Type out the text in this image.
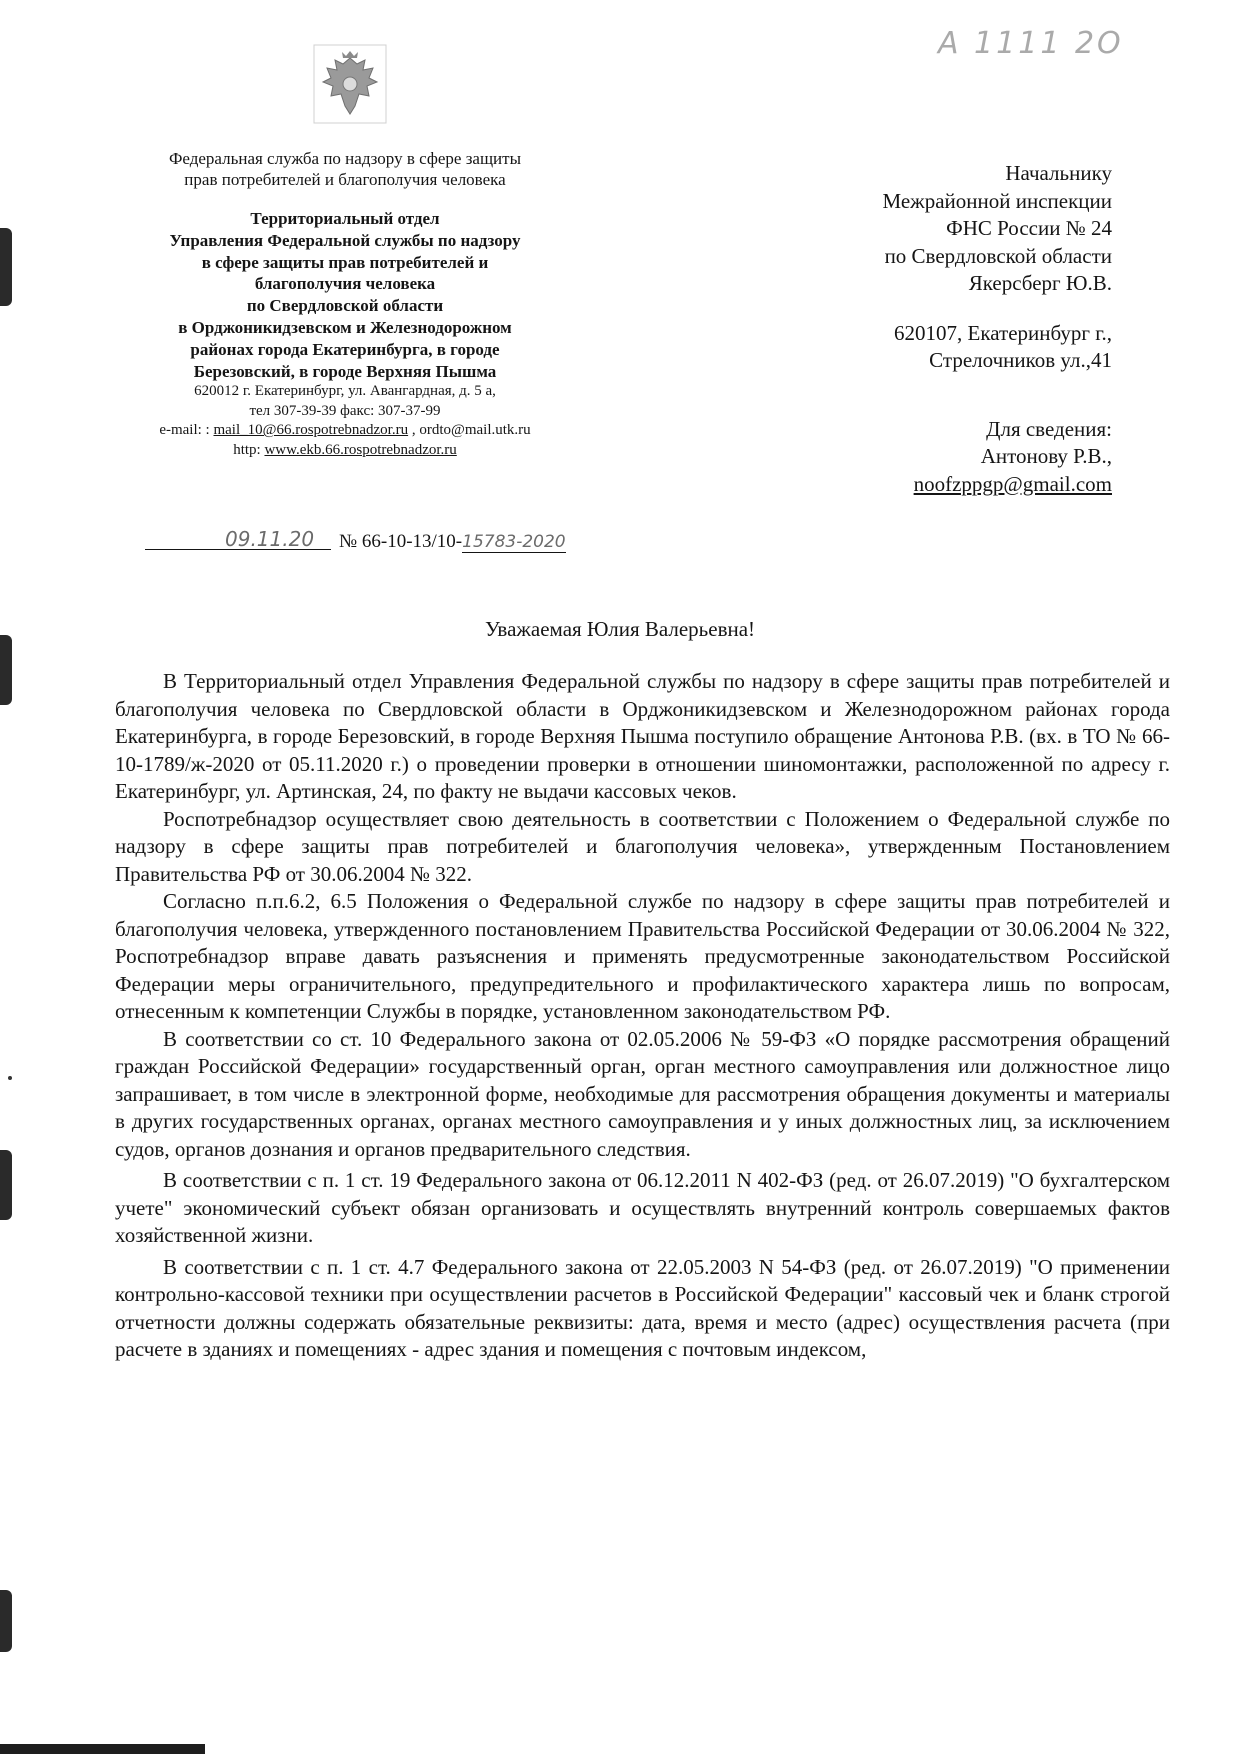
A 1111 2О
Федеральная служба по надзору в сфере защиты
прав потребителей и благополучия человека
Территориальный отдел
Управления Федеральной службы по надзору
в сфере защиты прав потребителей и
благополучия человека
по Свердловской области
в Орджоникидзевском и Железнодорожном
районах города Екатеринбурга, в городе
Березовский, в городе Верхняя Пышма
620012 г. Екатеринбург, ул. Авангардная, д. 5 а,
тел 307-39-39 факс: 307-37-99
e-mail: : mail_10@66.rospotrebnadzor.ru , ordto@mail.utk.ru
http: www.ekb.66.rospotrebnadzor.ru
09.11.20 № 66-10-13/10-15783-2020
Начальнику
Межрайонной инспекции
ФНС России № 24
по Свердловской области
Якерсберг Ю.В.
620107, Екатеринбург г.,
Стрелочников ул.,41
Для сведения:
Антонову Р.В.,
noofzppgp@gmail.com
Уважаемая Юлия Валерьевна!

В Территориальный отдел Управления Федеральной службы по надзору в сфере защиты прав потребителей и благополучия человека по Свердловской области в Орджоникидзевском и Железнодорожном районах города Екатеринбурга, в городе Березовский, в городе Верхняя Пышма поступило обращение Антонова Р.В. (вх. в ТО № 66-10-1789/ж-2020 от 05.11.2020 г.) о проведении проверки в отношении шиномонтажки, расположенной по адресу г. Екатеринбург, ул. Артинская, 24, по факту не выдачи кассовых чеков.

Роспотребнадзор осуществляет свою деятельность в соответствии с Положением о Федеральной службе по надзору в сфере защиты прав потребителей и благополучия человека», утвержденным Постановлением Правительства РФ от 30.06.2004 № 322.

Согласно п.п.6.2, 6.5 Положения о Федеральной службе по надзору в сфере защиты прав потребителей и благополучия человека, утвержденного постановлением Правительства Российской Федерации от 30.06.2004 № 322, Роспотребнадзор вправе давать разъяснения и применять предусмотренные законодательством Российской Федерации меры ограничительного, предупредительного и профилактического характера лишь по вопросам, отнесенным к компетенции Службы в порядке, установленном законодательством РФ.

В соответствии со ст. 10 Федерального закона от 02.05.2006 № 59-ФЗ «О порядке рассмотрения обращений граждан Российской Федерации» государственный орган, орган местного самоуправления или должностное лицо запрашивает, в том числе в электронной форме, необходимые для рассмотрения обращения документы и материалы в других государственных органах, органах местного самоуправления и у иных должностных лиц, за исключением судов, органов дознания и органов предварительного следствия.

В соответствии с п. 1 ст. 19 Федерального закона от 06.12.2011 N 402-ФЗ (ред. от 26.07.2019) "О бухгалтерском учете" экономический субъект обязан организовать и осуществлять внутренний контроль совершаемых фактов хозяйственной жизни.

В соответствии с п. 1 ст. 4.7 Федерального закона от 22.05.2003 N 54-ФЗ (ред. от 26.07.2019) "О применении контрольно-кассовой техники при осуществлении расчетов в Российской Федерации" кассовый чек и бланк строгой отчетности должны содержать обязательные реквизиты: дата, время и место (адрес) осуществления расчета (при расчете в зданиях и помещениях - адрес здания и помещения с почтовым индексом,
